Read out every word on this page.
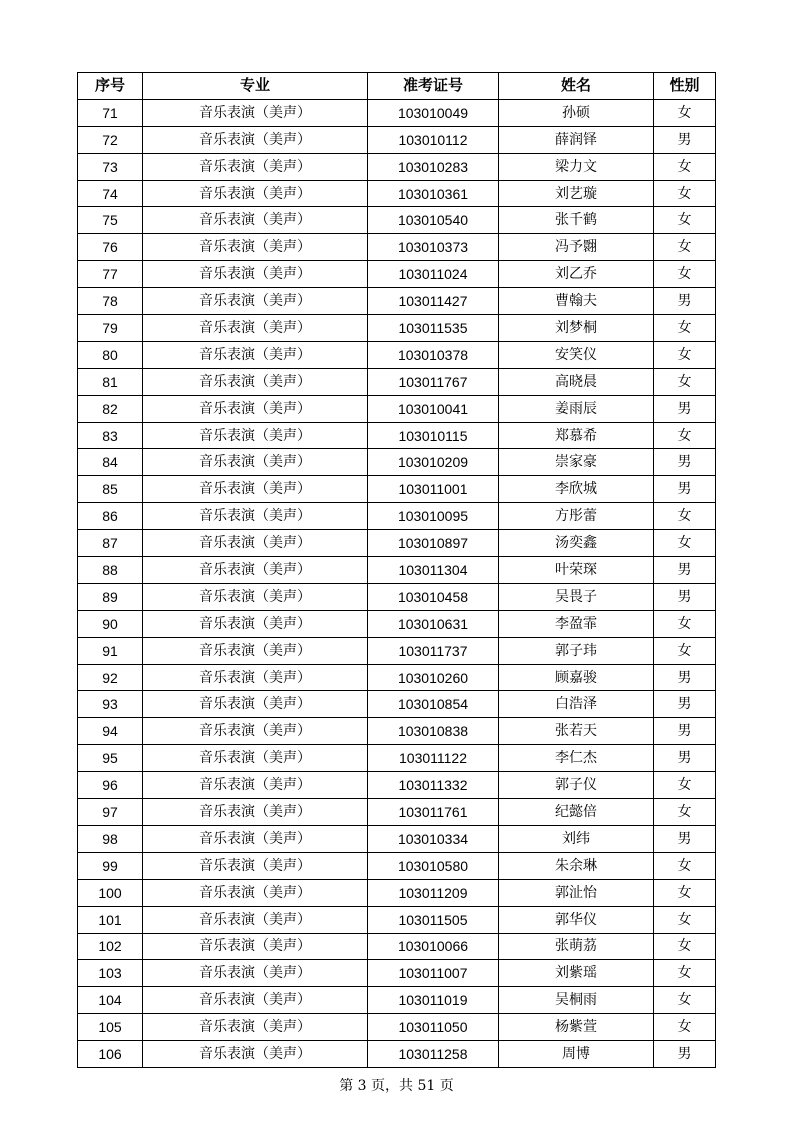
序号	专业	准考证号	姓名	性别
71	音乐表演（美声）	103010049	孙硕	女
72	音乐表演（美声）	103010112	薛润铎	男
73	音乐表演（美声）	103010283	梁力文	女
74	音乐表演（美声）	103010361	刘艺璇	女
75	音乐表演（美声）	103010540	张千鹤	女
76	音乐表演（美声）	103010373	冯予翾	女
77	音乐表演（美声）	103011024	刘乙乔	女
78	音乐表演（美声）	103011427	曹翰夫	男
79	音乐表演（美声）	103011535	刘梦桐	女
80	音乐表演（美声）	103010378	安笑仪	女
81	音乐表演（美声）	103011767	高晓晨	女
82	音乐表演（美声）	103010041	姜雨辰	男
83	音乐表演（美声）	103010115	郑慕希	女
84	音乐表演（美声）	103010209	崇家豪	男
85	音乐表演（美声）	103011001	李欣城	男
86	音乐表演（美声）	103010095	方彤蕾	女
87	音乐表演（美声）	103010897	汤奕鑫	女
88	音乐表演（美声）	103011304	叶荣琛	男
89	音乐表演（美声）	103010458	吴畏子	男
90	音乐表演（美声）	103010631	李盈霏	女
91	音乐表演（美声）	103011737	郭子玮	女
92	音乐表演（美声）	103010260	顾嘉骏	男
93	音乐表演（美声）	103010854	白浩泽	男
94	音乐表演（美声）	103010838	张若天	男
95	音乐表演（美声）	103011122	李仁杰	男
96	音乐表演（美声）	103011332	郭子仪	女
97	音乐表演（美声）	103011761	纪懿倍	女
98	音乐表演（美声）	103010334	刘纬	男
99	音乐表演（美声）	103010580	朱余琳	女
100	音乐表演（美声）	103011209	郭沚怡	女
101	音乐表演（美声）	103011505	郭华仪	女
102	音乐表演（美声）	103010066	张萌茘	女
103	音乐表演（美声）	103011007	刘紫瑶	女
104	音乐表演（美声）	103011019	吴桐雨	女
105	音乐表演（美声）	103011050	杨紫萱	女
106	音乐表演（美声）	103011258	周博	男
第 3 页，共 51 页
